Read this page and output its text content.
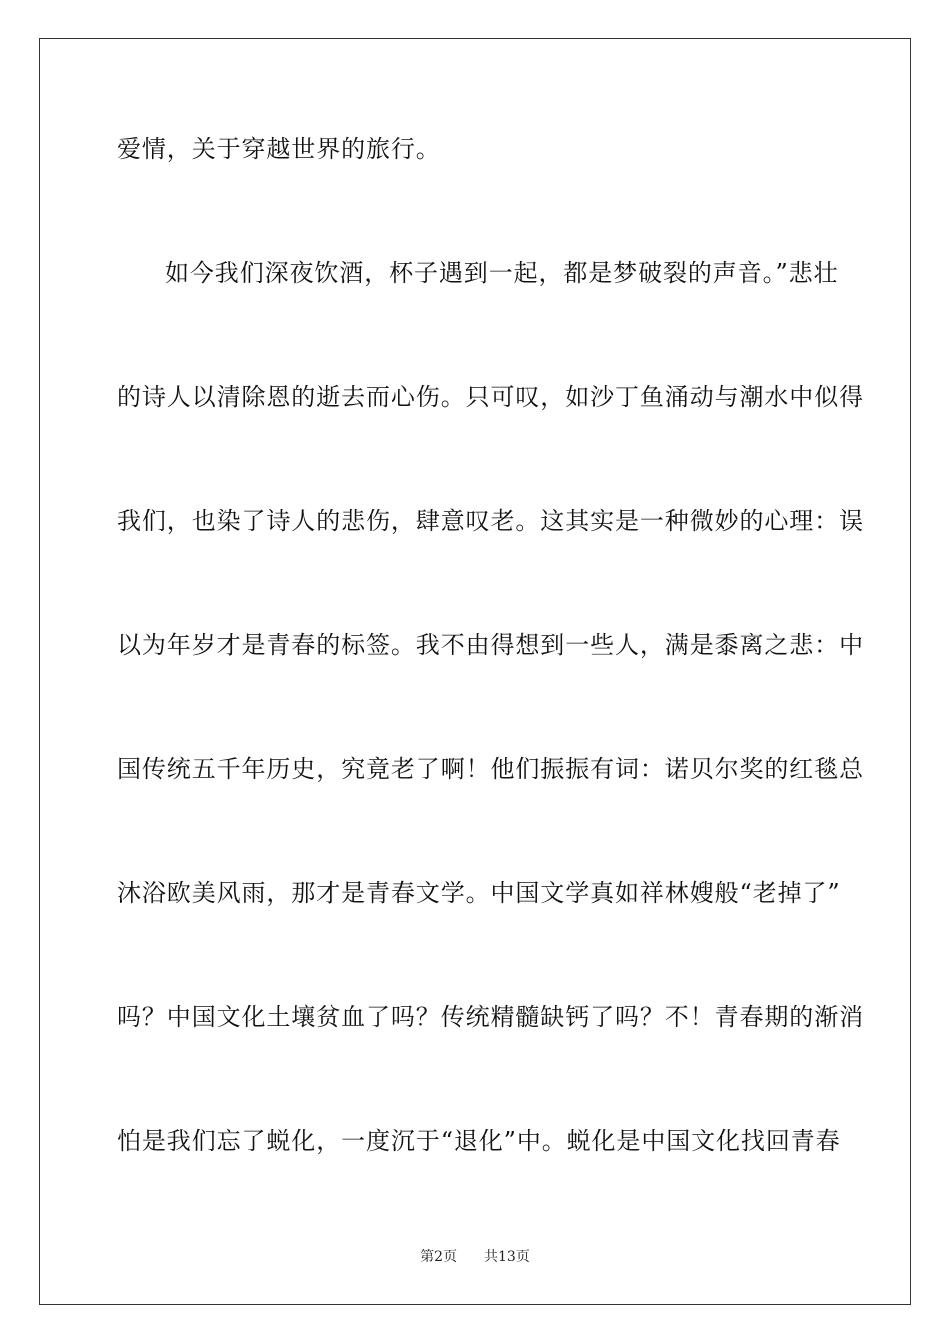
爱情，关于穿越世界的旅行。
如今我们深夜饮酒，杯子遇到一起，都是梦破裂的声音。”悲壮
的诗人以清除恩的逝去而心伤。只可叹，如沙丁鱼涌动与潮水中似得
我们，也染了诗人的悲伤，肆意叹老。这其实是一种微妙的心理：误
以为年岁才是青春的标签。我不由得想到一些人，满是黍离之悲：中
国传统五千年历史，究竟老了啊！他们振振有词：诺贝尔奖的红毯总
沐浴欧美风雨，那才是青春文学。中国文学真如祥林嫂般“老掉了”
吗？中国文化土壤贫血了吗？传统精髓缺钙了吗？不！青春期的渐消
怕是我们忘了蜕化，一度沉于“退化”中。蜕化是中国文化找回青春
第2页 共13页
